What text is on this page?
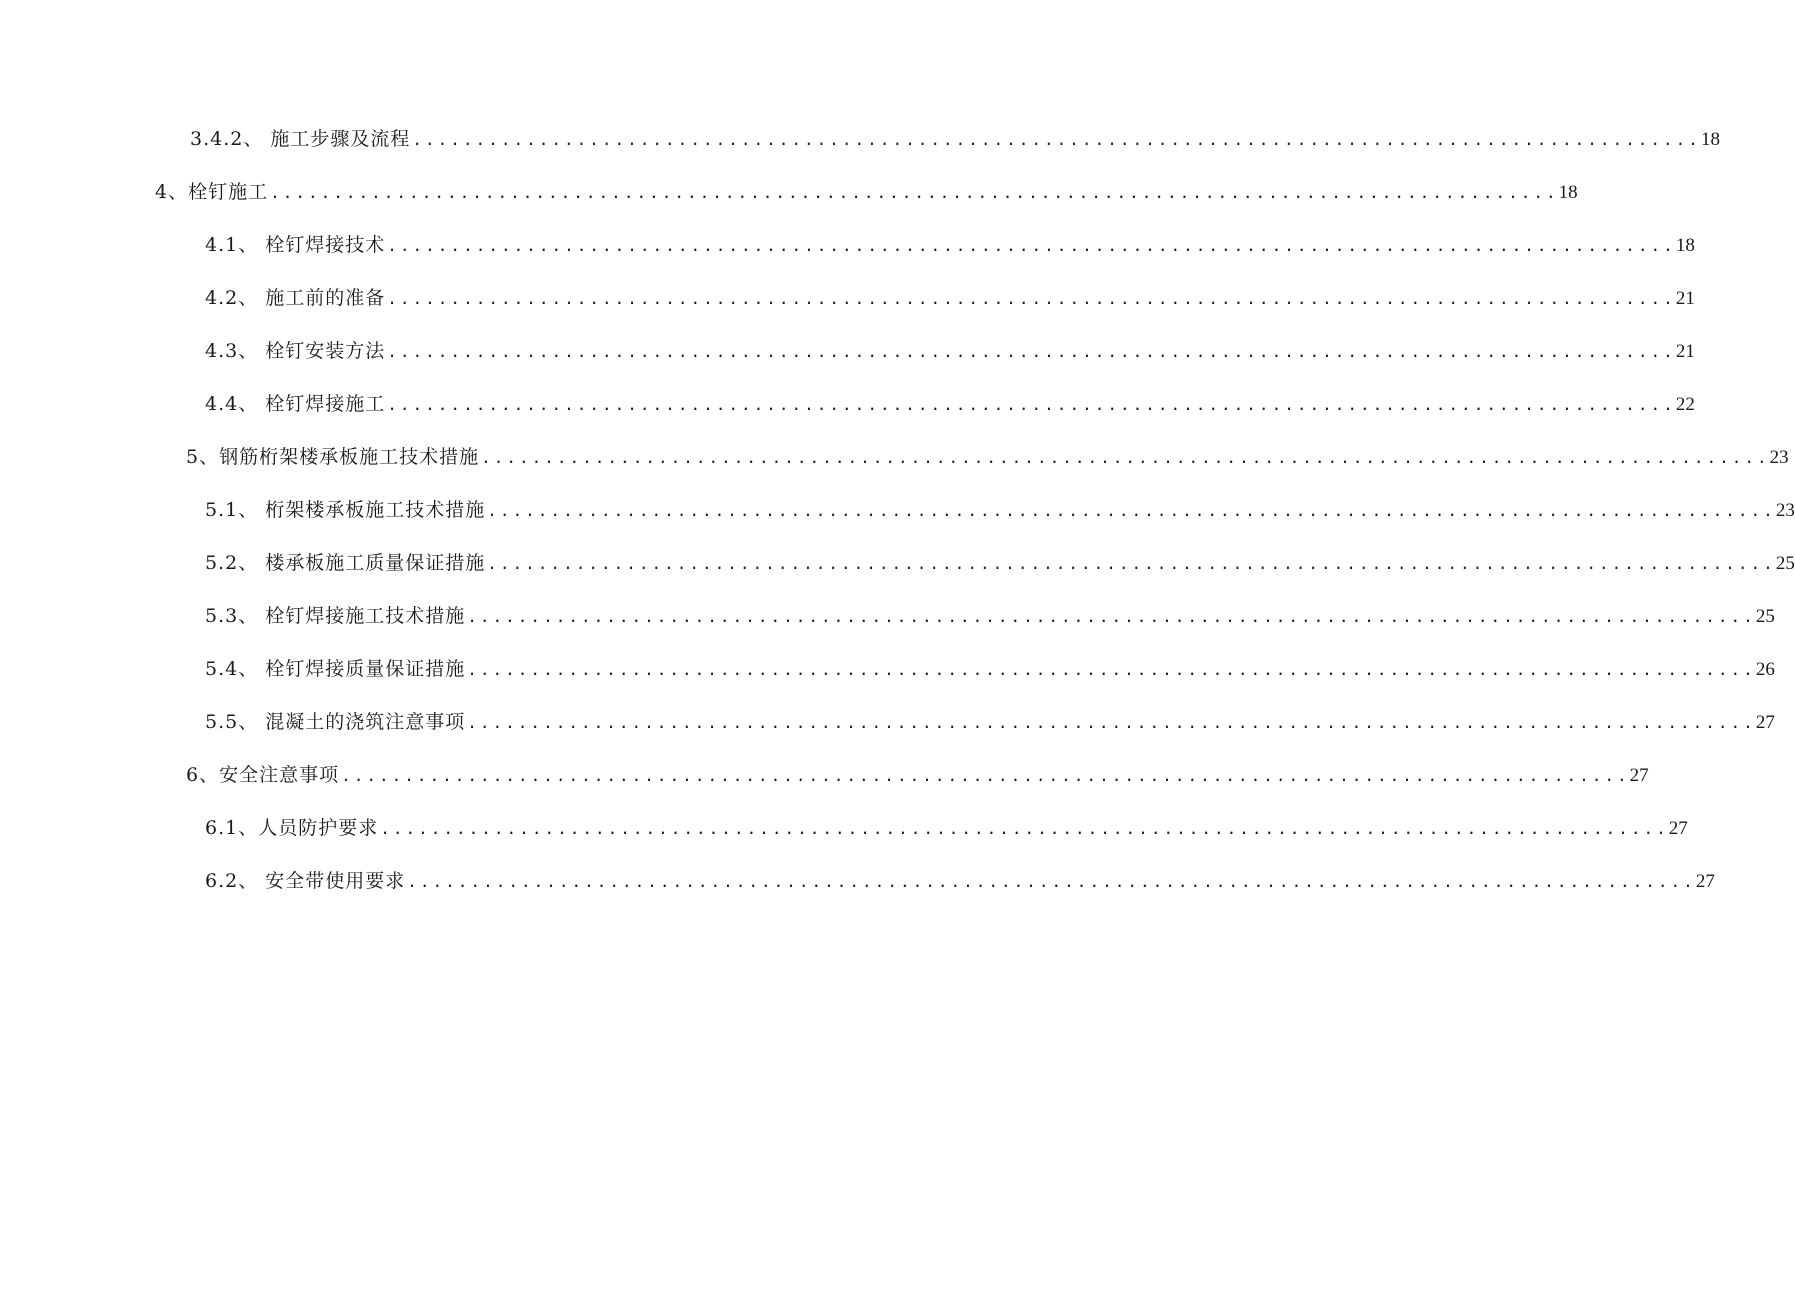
3.4.2、 施工步骤及流程 ...................................................................................................... 18
4、栓钉施工 ...................................................................................................... 18
4.1、 栓钉焊接技术 ...................................................................................................... 18
4.2、 施工前的准备 ...................................................................................................... 21
4.3、 栓钉安装方法 ...................................................................................................... 21
4.4、 栓钉焊接施工 ...................................................................................................... 22
5、钢筋桁架楼承板施工技术措施 ...................................................................................................... 23
5.1、 桁架楼承板施工技术措施 ...................................................................................................... 23
5.2、 楼承板施工质量保证措施 ...................................................................................................... 25
5.3、 栓钉焊接施工技术措施 ...................................................................................................... 25
5.4、 栓钉焊接质量保证措施 ...................................................................................................... 26
5.5、 混凝土的浇筑注意事项 ...................................................................................................... 27
6、安全注意事项 ...................................................................................................... 27
6.1、人员防护要求 ...................................................................................................... 27
6.2、 安全带使用要求 ...................................................................................................... 27
